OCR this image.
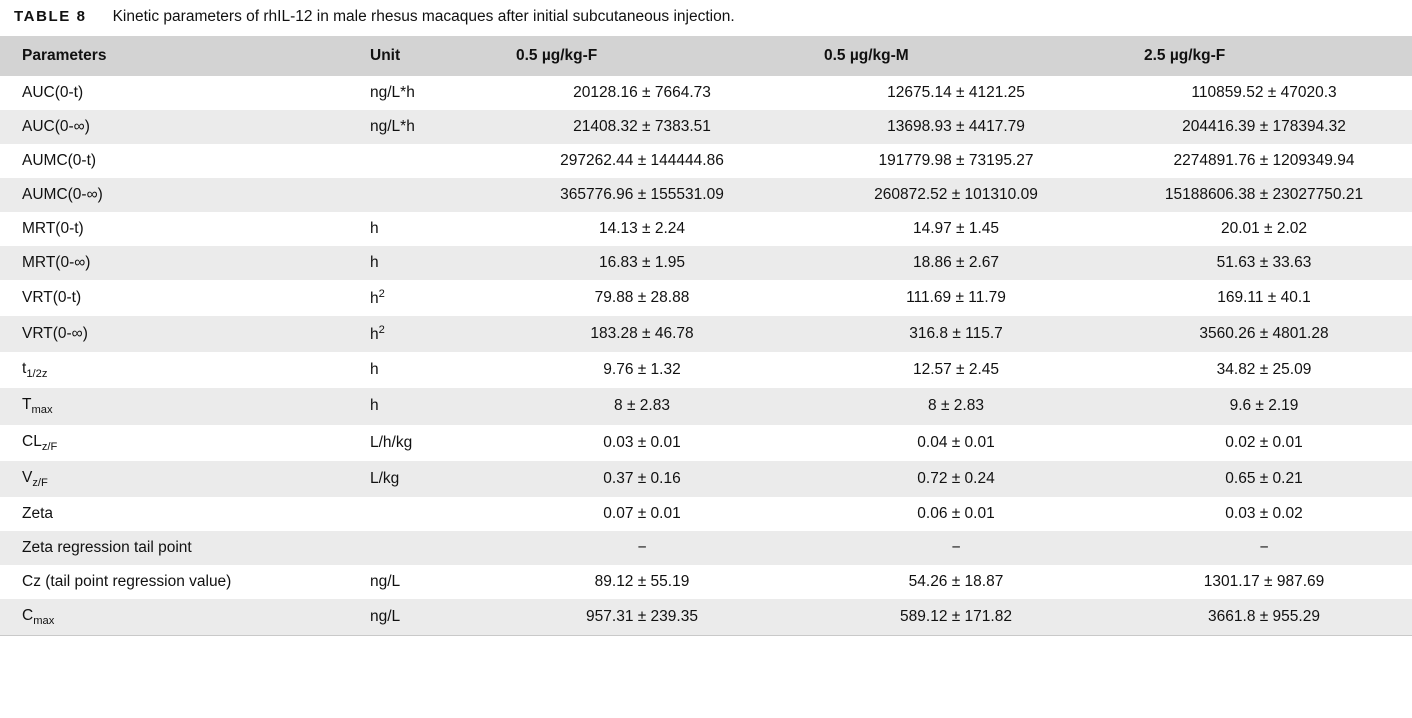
TABLE 8 Kinetic parameters of rhIL-12 in male rhesus macaques after initial subcutaneous injection.
Parameters	Unit	0.5 µg/kg-F	0.5 µg/kg-M	2.5 µg/kg-F
AUC(0-t)	ng/L*h	20128.16 ± 7664.73	12675.14 ± 4121.25	110859.52 ± 47020.3
AUC(0-∞)	ng/L*h	21408.32 ± 7383.51	13698.93 ± 4417.79	204416.39 ± 178394.32
AUMC(0-t)		297262.44 ± 144444.86	191779.98 ± 73195.27	2274891.76 ± 1209349.94
AUMC(0-∞)		365776.96 ± 155531.09	260872.52 ± 101310.09	15188606.38 ± 23027750.21
MRT(0-t)	h	14.13 ± 2.24	14.97 ± 1.45	20.01 ± 2.02
MRT(0-∞)	h	16.83 ± 1.95	18.86 ± 2.67	51.63 ± 33.63
VRT(0-t)	$h^2$	79.88 ± 28.88	111.69 ± 11.79	169.11 ± 40.1
VRT(0-∞)	$h^2$	183.28 ± 46.78	316.8 ± 115.7	3560.26 ± 4801.28
$t_{1/2z}$	h	9.76 ± 1.32	12.57 ± 2.45	34.82 ± 25.09
$T_{max}$	h	8 ± 2.83	8 ± 2.83	9.6 ± 2.19
$CL_{z/F}$	L/h/kg	0.03 ± 0.01	0.04 ± 0.01	0.02 ± 0.01
$V_{z/F}$	L/kg	0.37 ± 0.16	0.72 ± 0.24	0.65 ± 0.21
Zeta		0.07 ± 0.01	0.06 ± 0.01	0.03 ± 0.02
Zeta regression tail point		−	−	−
Cz (tail point regression value)	ng/L	89.12 ± 55.19	54.26 ± 18.87	1301.17 ± 987.69
$C_{max}$	ng/L	957.31 ± 239.35	589.12 ± 171.82	3661.8 ± 955.29
